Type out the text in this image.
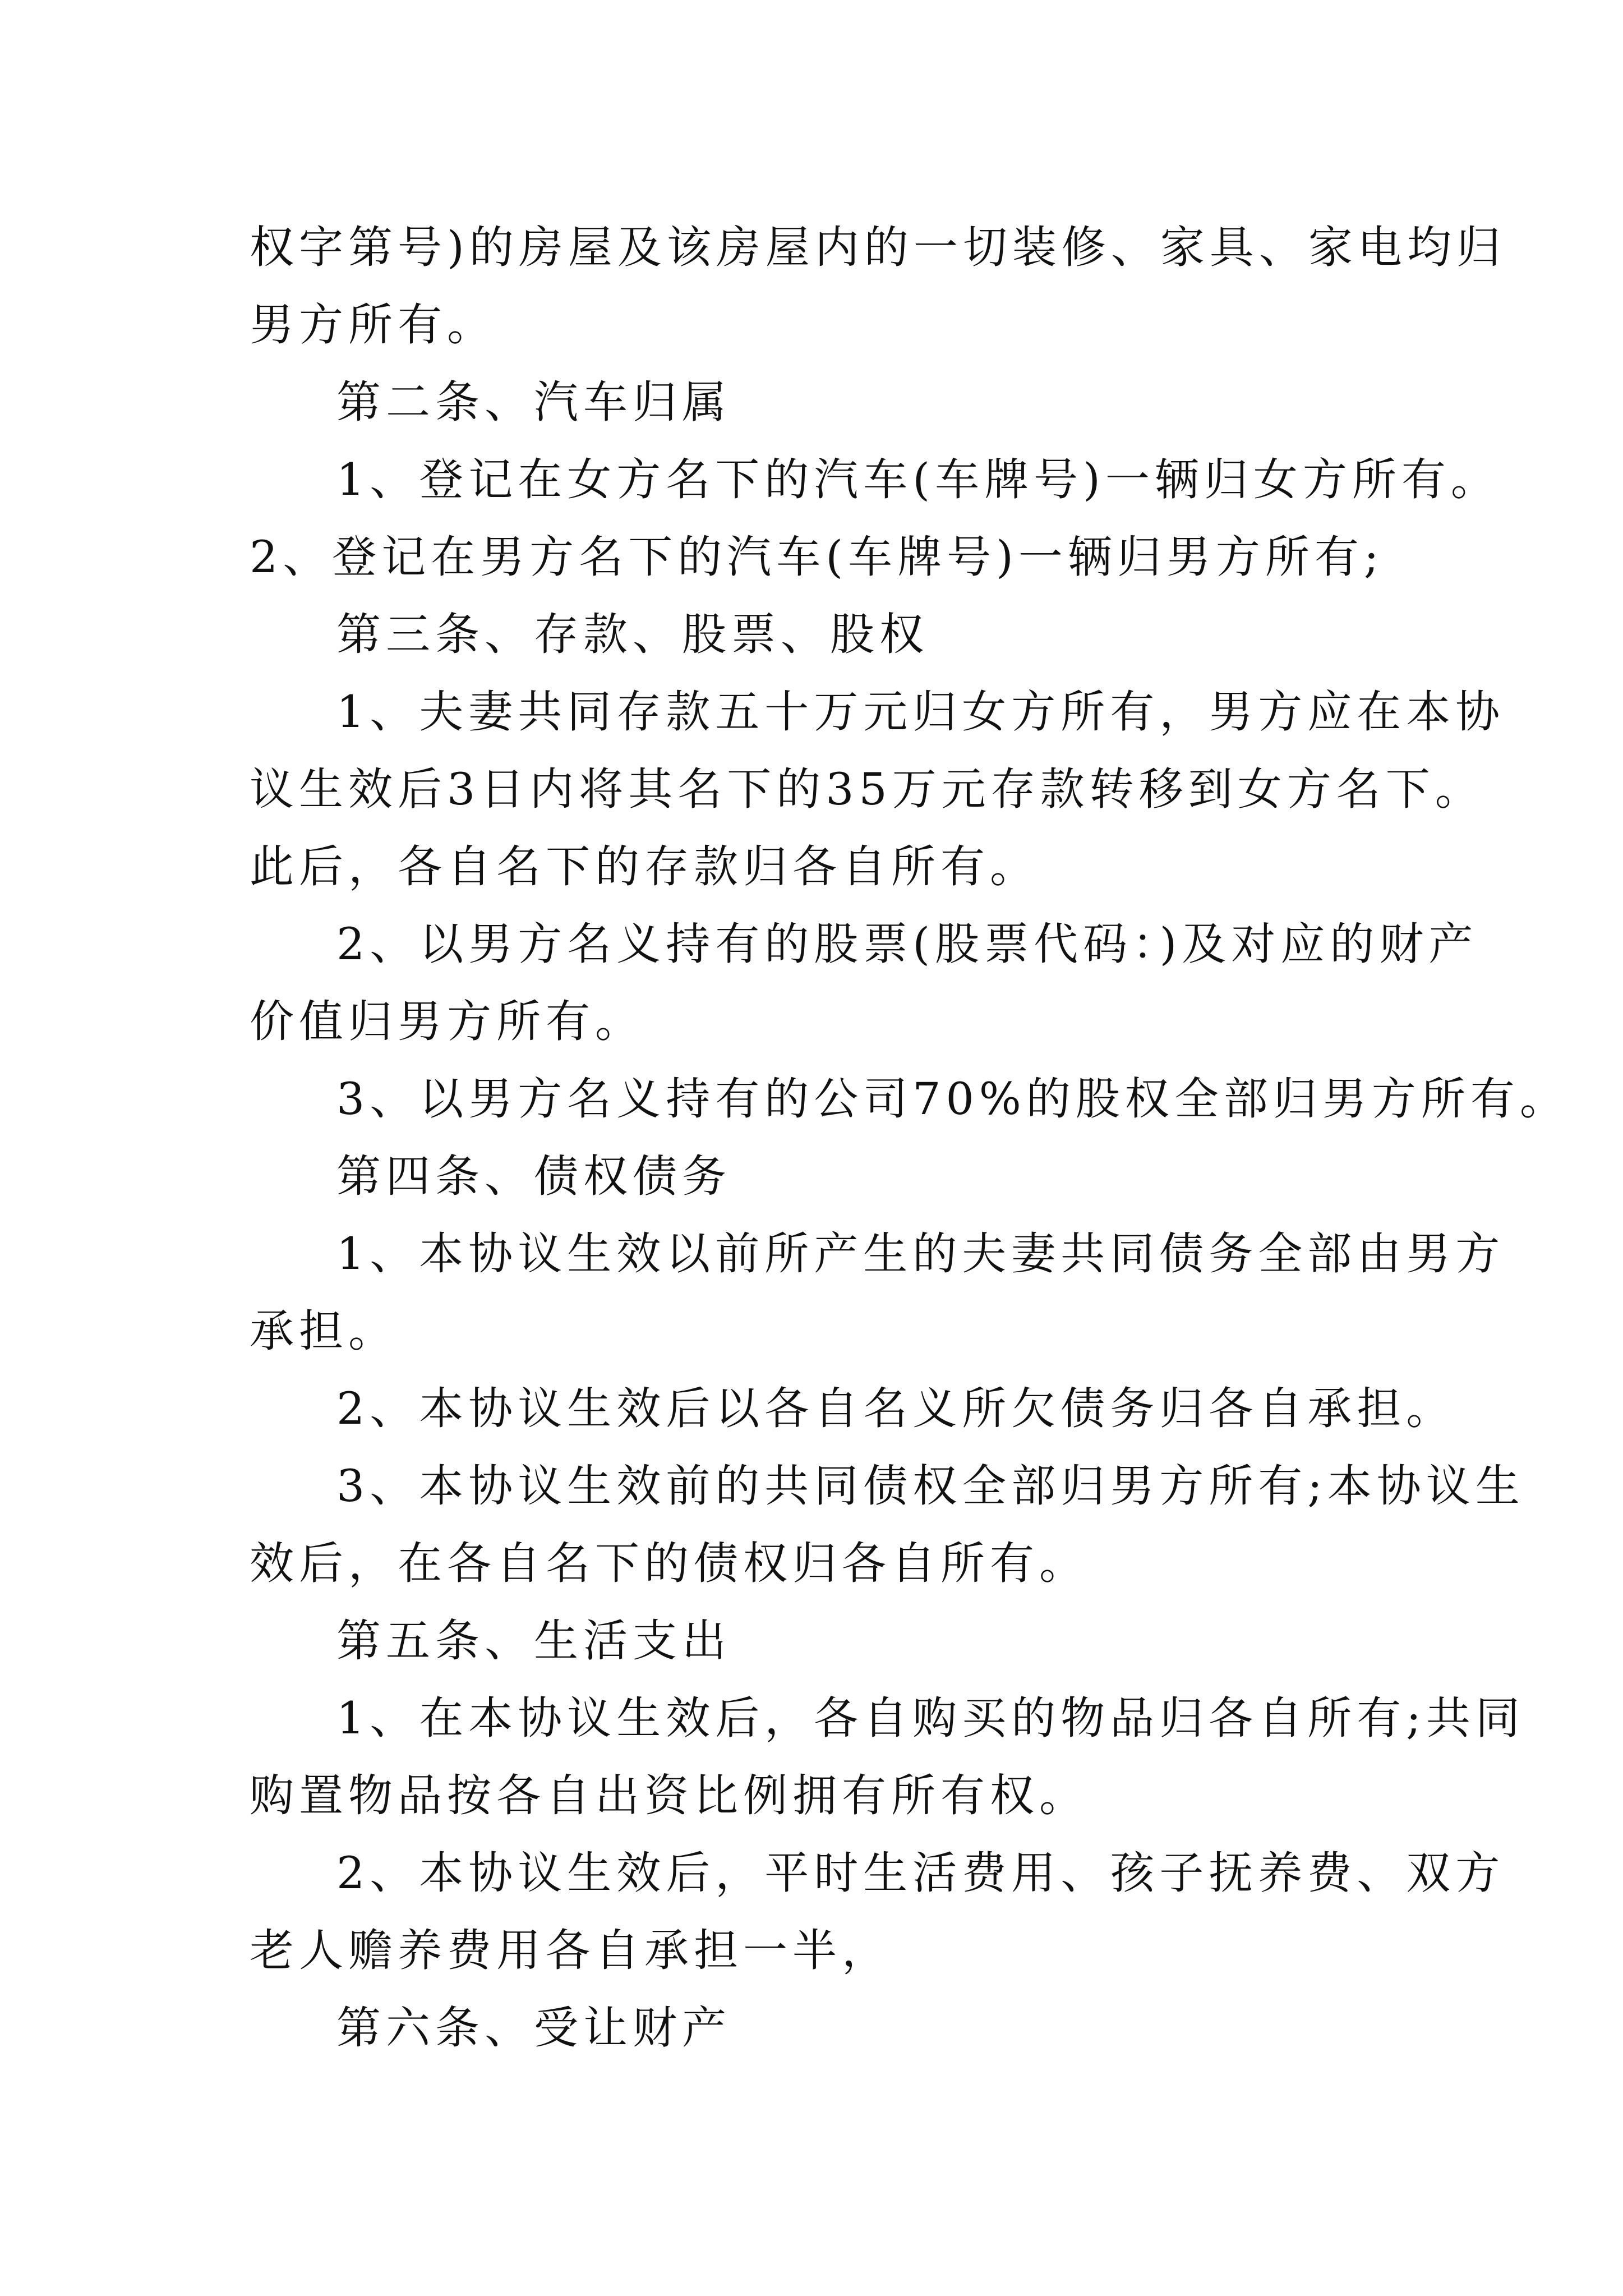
权字第号)的房屋及该房屋内的一切装修、家具、家电均归
男方所有。
第二条、汽车归属
1、登记在女方名下的汽车(车牌号)一辆归女方所有。
2、登记在男方名下的汽车(车牌号)一辆归男方所有;
第三条、存款、股票、股权
1、夫妻共同存款五十万元归女方所有，男方应在本协
议生效后3日内将其名下的35万元存款转移到女方名下。
此后，各自名下的存款归各自所有。
2、以男方名义持有的股票(股票代码：)及对应的财产
价值归男方所有。
3、以男方名义持有的公司70%的股权全部归男方所有。
第四条、债权债务
1、本协议生效以前所产生的夫妻共同债务全部由男方
承担。
2、本协议生效后以各自名义所欠债务归各自承担。
3、本协议生效前的共同债权全部归男方所有;本协议生
效后，在各自名下的债权归各自所有。
第五条、生活支出
1、在本协议生效后，各自购买的物品归各自所有;共同
购置物品按各自出资比例拥有所有权。
2、本协议生效后，平时生活费用、孩子抚养费、双方
老人赡养费用各自承担一半，
第六条、受让财产
